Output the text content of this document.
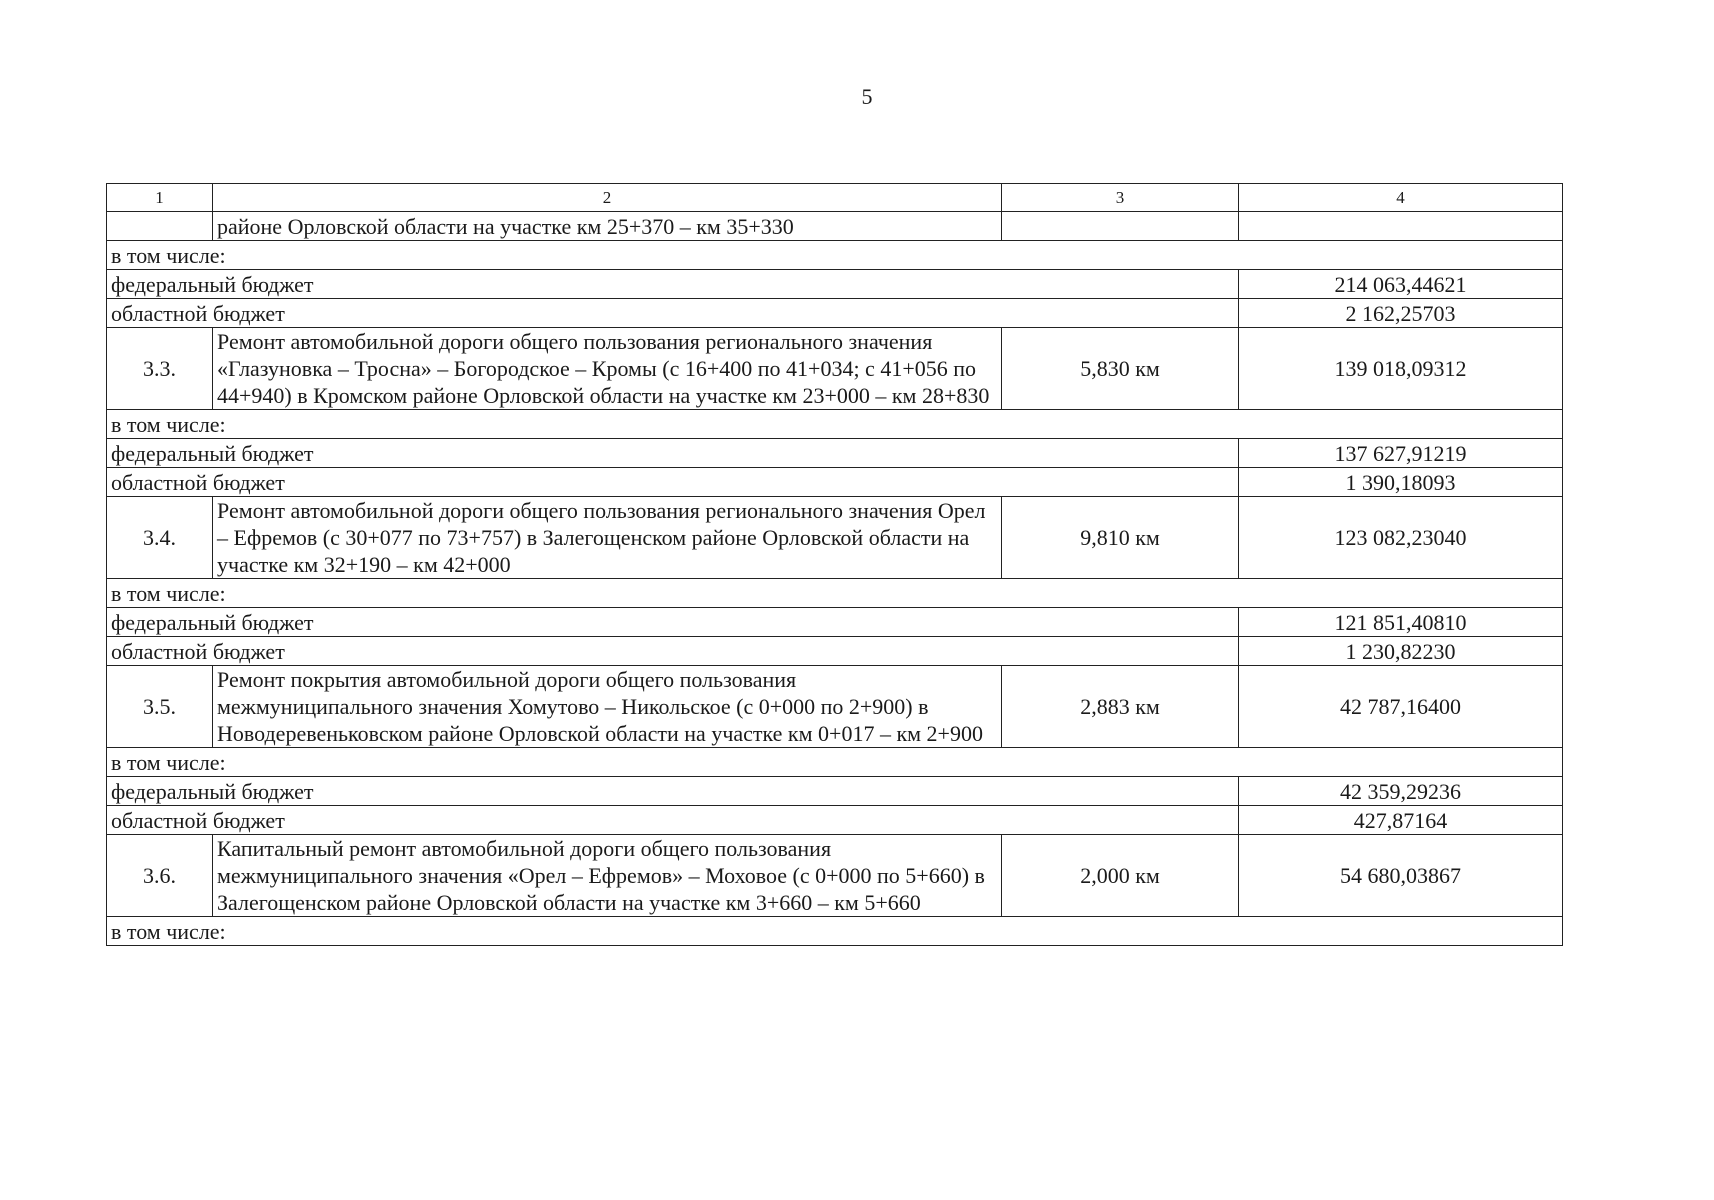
5
1	2	3	4
	районе Орловской области на участке км 25+370 – км 35+330		
в том числе:			
федеральный бюджет			214 063,44621
областной бюджет			2 162,25703
3.3.	Ремонт автомобильной дороги общего пользования регионального значения «Глазуновка – Тросна» – Богородское – Кромы (с 16+400 по 41+034; с 41+056 по 44+940) в Кромском районе Орловской области на участке км 23+000 – км 28+830	5,830 км	139 018,09312
в том числе:			
федеральный бюджет			137 627,91219
областной бюджет			1 390,18093
3.4.	Ремонт автомобильной дороги общего пользования регионального значения Орел – Ефремов (с 30+077 по 73+757) в Залегощенском районе Орловской области на участке км 32+190 – км 42+000	9,810 км	123 082,23040
в том числе:			
федеральный бюджет			121 851,40810
областной бюджет			1 230,82230
3.5.	Ремонт покрытия автомобильной дороги общего пользования межмуниципального значения Хомутово – Никольское (с 0+000 по 2+900) в Новодеревеньковском районе Орловской области на участке км 0+017 – км 2+900	2,883 км	42 787,16400
в том числе:			
федеральный бюджет			42 359,29236
областной бюджет			427,87164
3.6.	Капитальный ремонт автомобильной дороги общего пользования межмуниципального значения «Орел – Ефремов» – Моховое (с 0+000 по 5+660) в Залегощенском районе Орловской области на участке км 3+660 – км 5+660	2,000 км	54 680,03867
в том числе:			
